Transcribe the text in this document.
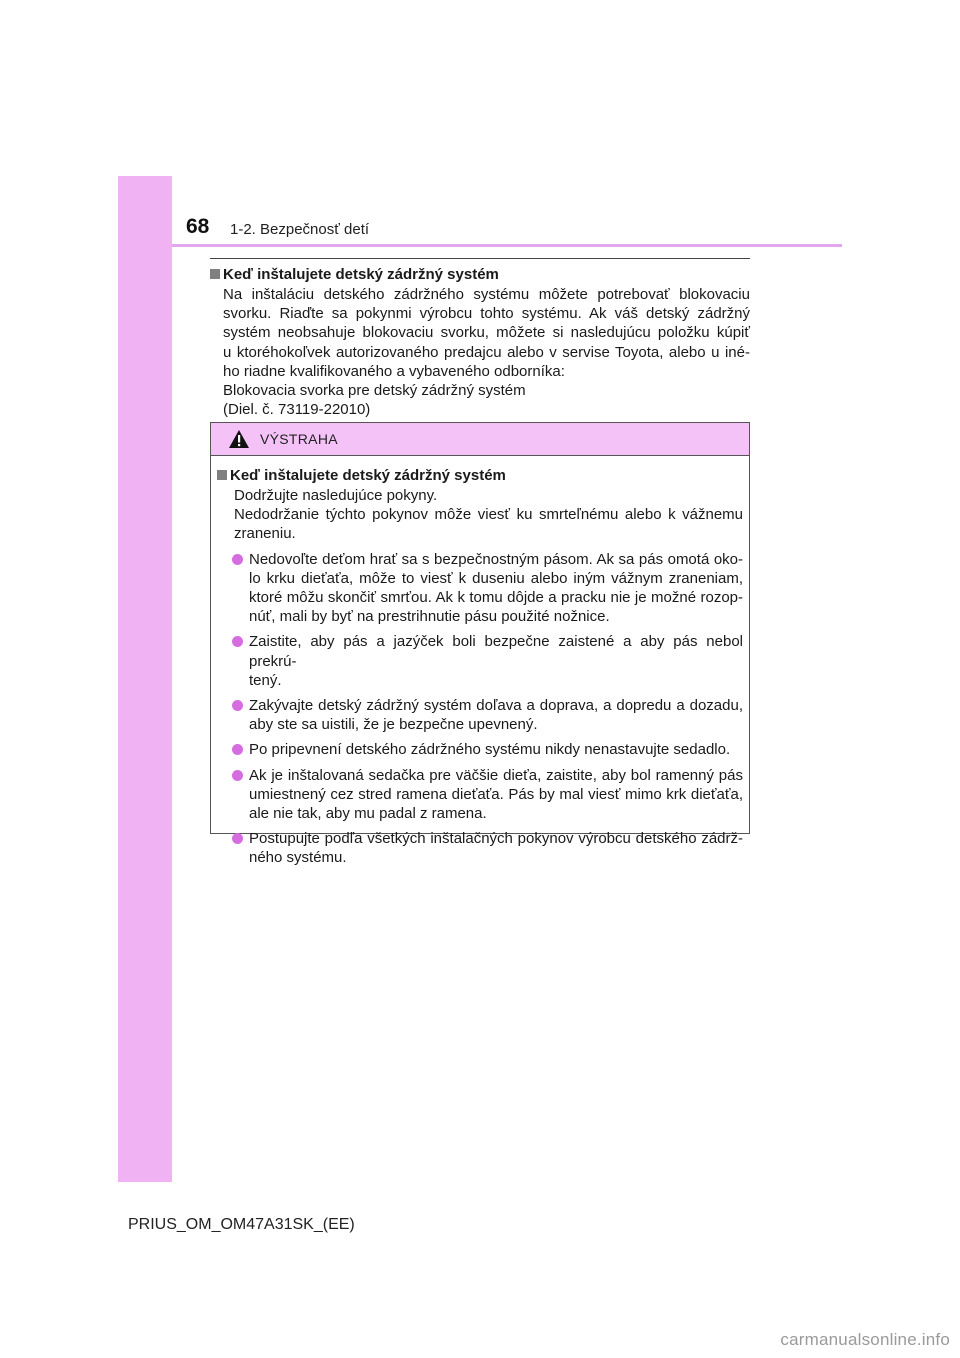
68 1-2. Bezpečnosť detí

Keď inštalujete detský zádržný systém

Na inštaláciu detského zádržného systému môžete potrebovať blokovaciu
svorku. Riaďte sa pokynmi výrobcu tohto systému. Ak váš detský zádržný
systém neobsahuje blokovaciu svorku, môžete si nasledujúcu položku kúpiť
u ktoréhokoľvek autorizovaného predajcu alebo v servise Toyota, alebo u iné-
ho riadne kvalifikovaného a vybaveného odborníka:
Blokovacia svorka pre detský zádržný systém
(Diel. č. 73119-22010)
VÝSTRAHA

Keď inštalujete detský zádržný systém

Dodržujte nasledujúce pokyny.
Nedodržanie týchto pokynov môže viesť ku smrteľnému alebo k vážnemu
zraneniu.
Nedovoľte deťom hrať sa s bezpečnostným pásom. Ak sa pás omotá oko-
lo krku dieťaťa, môže to viesť k duseniu alebo iným vážnym zraneniam,
ktoré môžu skončiť smrťou. Ak k tomu dôjde a pracku nie je možné rozop-
núť, mali by byť na prestrihnutie pásu použité nožnice.
Zaistite, aby pás a jazýček boli bezpečne zaistené a aby pás nebol prekrú-
tený.
Zakývajte detský zádržný systém doľava a doprava, a dopredu a dozadu,
aby ste sa uistili, že je bezpečne upevnený.
Po pripevnení detského zádržného systému nikdy nenastavujte sedadlo.
Ak je inštalovaná sedačka pre väčšie dieťa, zaistite, aby bol ramenný pás
umiestnený cez stred ramena dieťaťa. Pás by mal viesť mimo krk dieťaťa,
ale nie tak, aby mu padal z ramena.
Postupujte podľa všetkých inštalačných pokynov výrobcu detského zádrž-
ného systému.
PRIUS_OM_OM47A31SK_(EE)
carmanualsonline.info
